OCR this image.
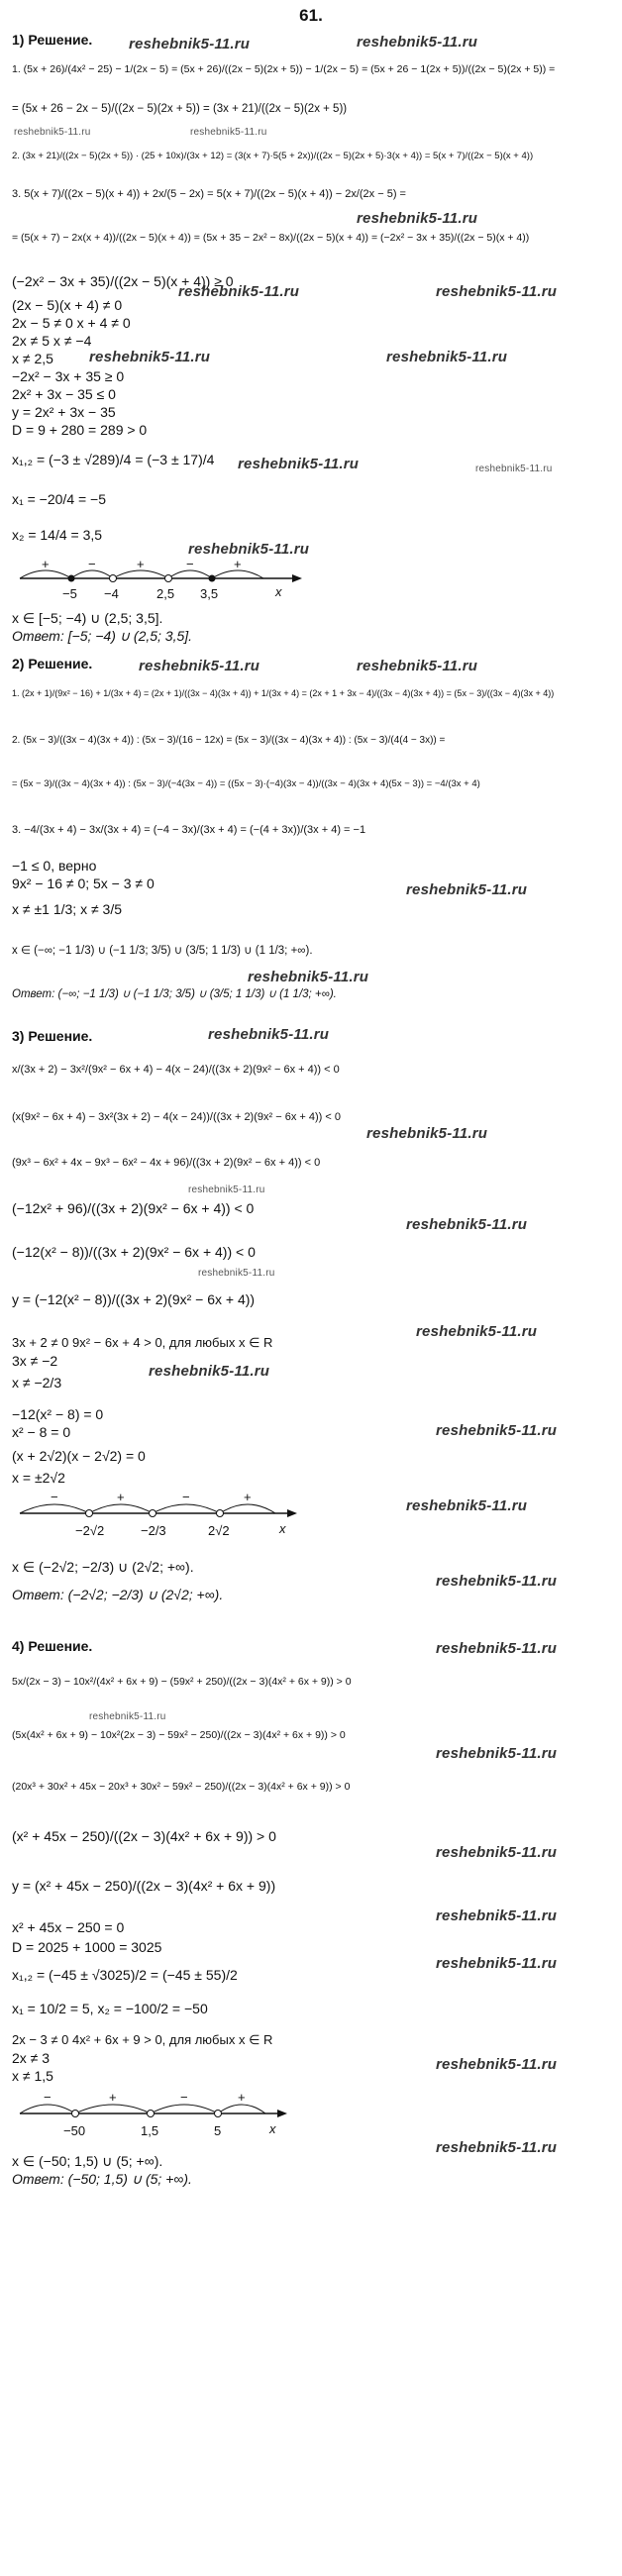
61.
1) Решение.
1. (5x + 26)/(4x² − 25) − 1/(2x − 5) = (5x + 26)/((2x − 5)(2x + 5)) − 1/(2x − 5) = (5x + 26 − 1(2x + 5))/((2x − 5)(2x + 5)) =
= (5x + 26 − 2x − 5)/((2x − 5)(2x + 5)) = (3x + 21)/((2x − 5)(2x + 5))
2. (3x + 21)/((2x − 5)(2x + 5)) · (25 + 10x)/(3x + 12) = (3(x + 7)·5(5 + 2x))/((2x − 5)(2x + 5)·3(x + 4)) = 5(x + 7)/((2x − 5)(x + 4))
3. 5(x + 7)/((2x − 5)(x + 4)) + 2x/(5 − 2x) = 5(x + 7)/((2x − 5)(x + 4)) − 2x/(2x − 5) =
= (5(x + 7) − 2x(x + 4))/((2x − 5)(x + 4)) = (5x + 35 − 2x² − 8x)/((2x − 5)(x + 4)) = (−2x² − 3x + 35)/((2x − 5)(x + 4))
(−2x² − 3x + 35)/((2x − 5)(x + 4)) ≥ 0
(2x − 5)(x + 4) ≠ 0
2x − 5 ≠ 0 x + 4 ≠ 0
2x ≠ 5 x ≠ −4
x ≠ 2,5
−2x² − 3x + 35 ≥ 0
2x² + 3x − 35 ≤ 0
y = 2x² + 3x − 35
D = 9 + 280 = 289 > 0
x₁,₂ = (−3 ± √289)/4 = (−3 ± 17)/4
x₁ = −20/4 = −5
x₂ = 14/4 = 3,5
+	−	+	−	+
−5 −4	2,5 3,5	x
x ∈ [−5; −4) ∪ (2,5; 3,5].
Ответ: [−5; −4) ∪ (2,5; 3,5].
2) Решение.
1. (2x + 1)/(9x² − 16) + 1/(3x + 4) = (2x + 1)/((3x − 4)(3x + 4)) + 1/(3x + 4) = (2x + 1 + 3x − 4)/((3x − 4)(3x + 4)) = (5x − 3)/((3x − 4)(3x + 4))
2. (5x − 3)/((3x − 4)(3x + 4)) : (5x − 3)/(16 − 12x) = (5x − 3)/((3x − 4)(3x + 4)) : (5x − 3)/(4(4 − 3x)) =
= (5x − 3)/((3x − 4)(3x + 4)) : (5x − 3)/(−4(3x − 4)) = ((5x − 3)·(−4)(3x − 4))/((3x − 4)(3x + 4)(5x − 3)) = −4/(3x + 4)
3. −4/(3x + 4) − 3x/(3x + 4) = (−4 − 3x)/(3x + 4) = (−(4 + 3x))/(3x + 4) = −1
−1 ≤ 0, верно
9x² − 16 ≠ 0; 5x − 3 ≠ 0
x ≠ ±1 1/3; x ≠ 3/5
x ∈ (−∞; −1 1/3) ∪ (−1 1/3; 3/5) ∪ (3/5; 1 1/3) ∪ (1 1/3; +∞).
Ответ: (−∞; −1 1/3) ∪ (−1 1/3; 3/5) ∪ (3/5; 1 1/3) ∪ (1 1/3; +∞).
3) Решение.
x/(3x + 2) − 3x²/(9x² − 6x + 4) − 4(x − 24)/((3x + 2)(9x² − 6x + 4)) < 0
(x(9x² − 6x + 4) − 3x²(3x + 2) − 4(x − 24))/((3x + 2)(9x² − 6x + 4)) < 0
(9x³ − 6x² + 4x − 9x³ − 6x² − 4x + 96)/((3x + 2)(9x² − 6x + 4)) < 0
(−12x² + 96)/((3x + 2)(9x² − 6x + 4)) < 0
(−12(x² − 8))/((3x + 2)(9x² − 6x + 4)) < 0
y = (−12(x² − 8))/((3x + 2)(9x² − 6x + 4))
3x + 2 ≠ 0 9x² − 6x + 4 > 0, для любых x ∈ R
3x ≠ −2
x ≠ −2/3
−12(x² − 8) = 0
x² − 8 = 0
(x + 2√2)(x − 2√2) = 0
x = ±2√2
−	+	−	+
−2√2	−2/3	2√2	x
x ∈ (−2√2; −2/3) ∪ (2√2; +∞).
Ответ: (−2√2; −2/3) ∪ (2√2; +∞).
4) Решение.
5x/(2x − 3) − 10x²/(4x² + 6x + 9) − (59x² + 250)/((2x − 3)(4x² + 6x + 9)) > 0
(5x(4x² + 6x + 9) − 10x²(2x − 3) − 59x² − 250)/((2x − 3)(4x² + 6x + 9)) > 0
(20x³ + 30x² + 45x − 20x³ + 30x² − 59x² − 250)/((2x − 3)(4x² + 6x + 9)) > 0
(x² + 45x − 250)/((2x − 3)(4x² + 6x + 9)) > 0
y = (x² + 45x − 250)/((2x − 3)(4x² + 6x + 9))
x² + 45x − 250 = 0
D = 2025 + 1000 = 3025
x₁,₂ = (−45 ± √3025)/2 = (−45 ± 55)/2
x₁ = 10/2 = 5, x₂ = −100/2 = −50
2x − 3 ≠ 0 4x² + 6x + 9 > 0, для любых x ∈ R
2x ≠ 3
x ≠ 1,5
−	+	−	+
−50	1,5	5	x
x ∈ (−50; 1,5) ∪ (5; +∞).
Ответ: (−50; 1,5) ∪ (5; +∞).
reshebnik5-11.ru	reshebnik5-11.ru
reshebnik5-11.ru	reshebnik5-11.ru
reshebnik5-11.ru
reshebnik5-11.ru	reshebnik5-11.ru
reshebnik5-11.ru	reshebnik5-11.ru
reshebnik5-11.ru	reshebnik5-11.ru
reshebnik5-11.ru
reshebnik5-11.ru	reshebnik5-11.ru
reshebnik5-11.ru
reshebnik5-11.ru
reshebnik5-11.ru
reshebnik5-11.ru
reshebnik5-11.ru
reshebnik5-11.ru
reshebnik5-11.ru
reshebnik5-11.ru
reshebnik5-11.ru
reshebnik5-11.ru
reshebnik5-11.ru
reshebnik5-11.ru
reshebnik5-11.ru
reshebnik5-11.ru
reshebnik5-11.ru
reshebnik5-11.ru
reshebnik5-11.ru
reshebnik5-11.ru
reshebnik5-11.ru
reshebnik5-11.ru
